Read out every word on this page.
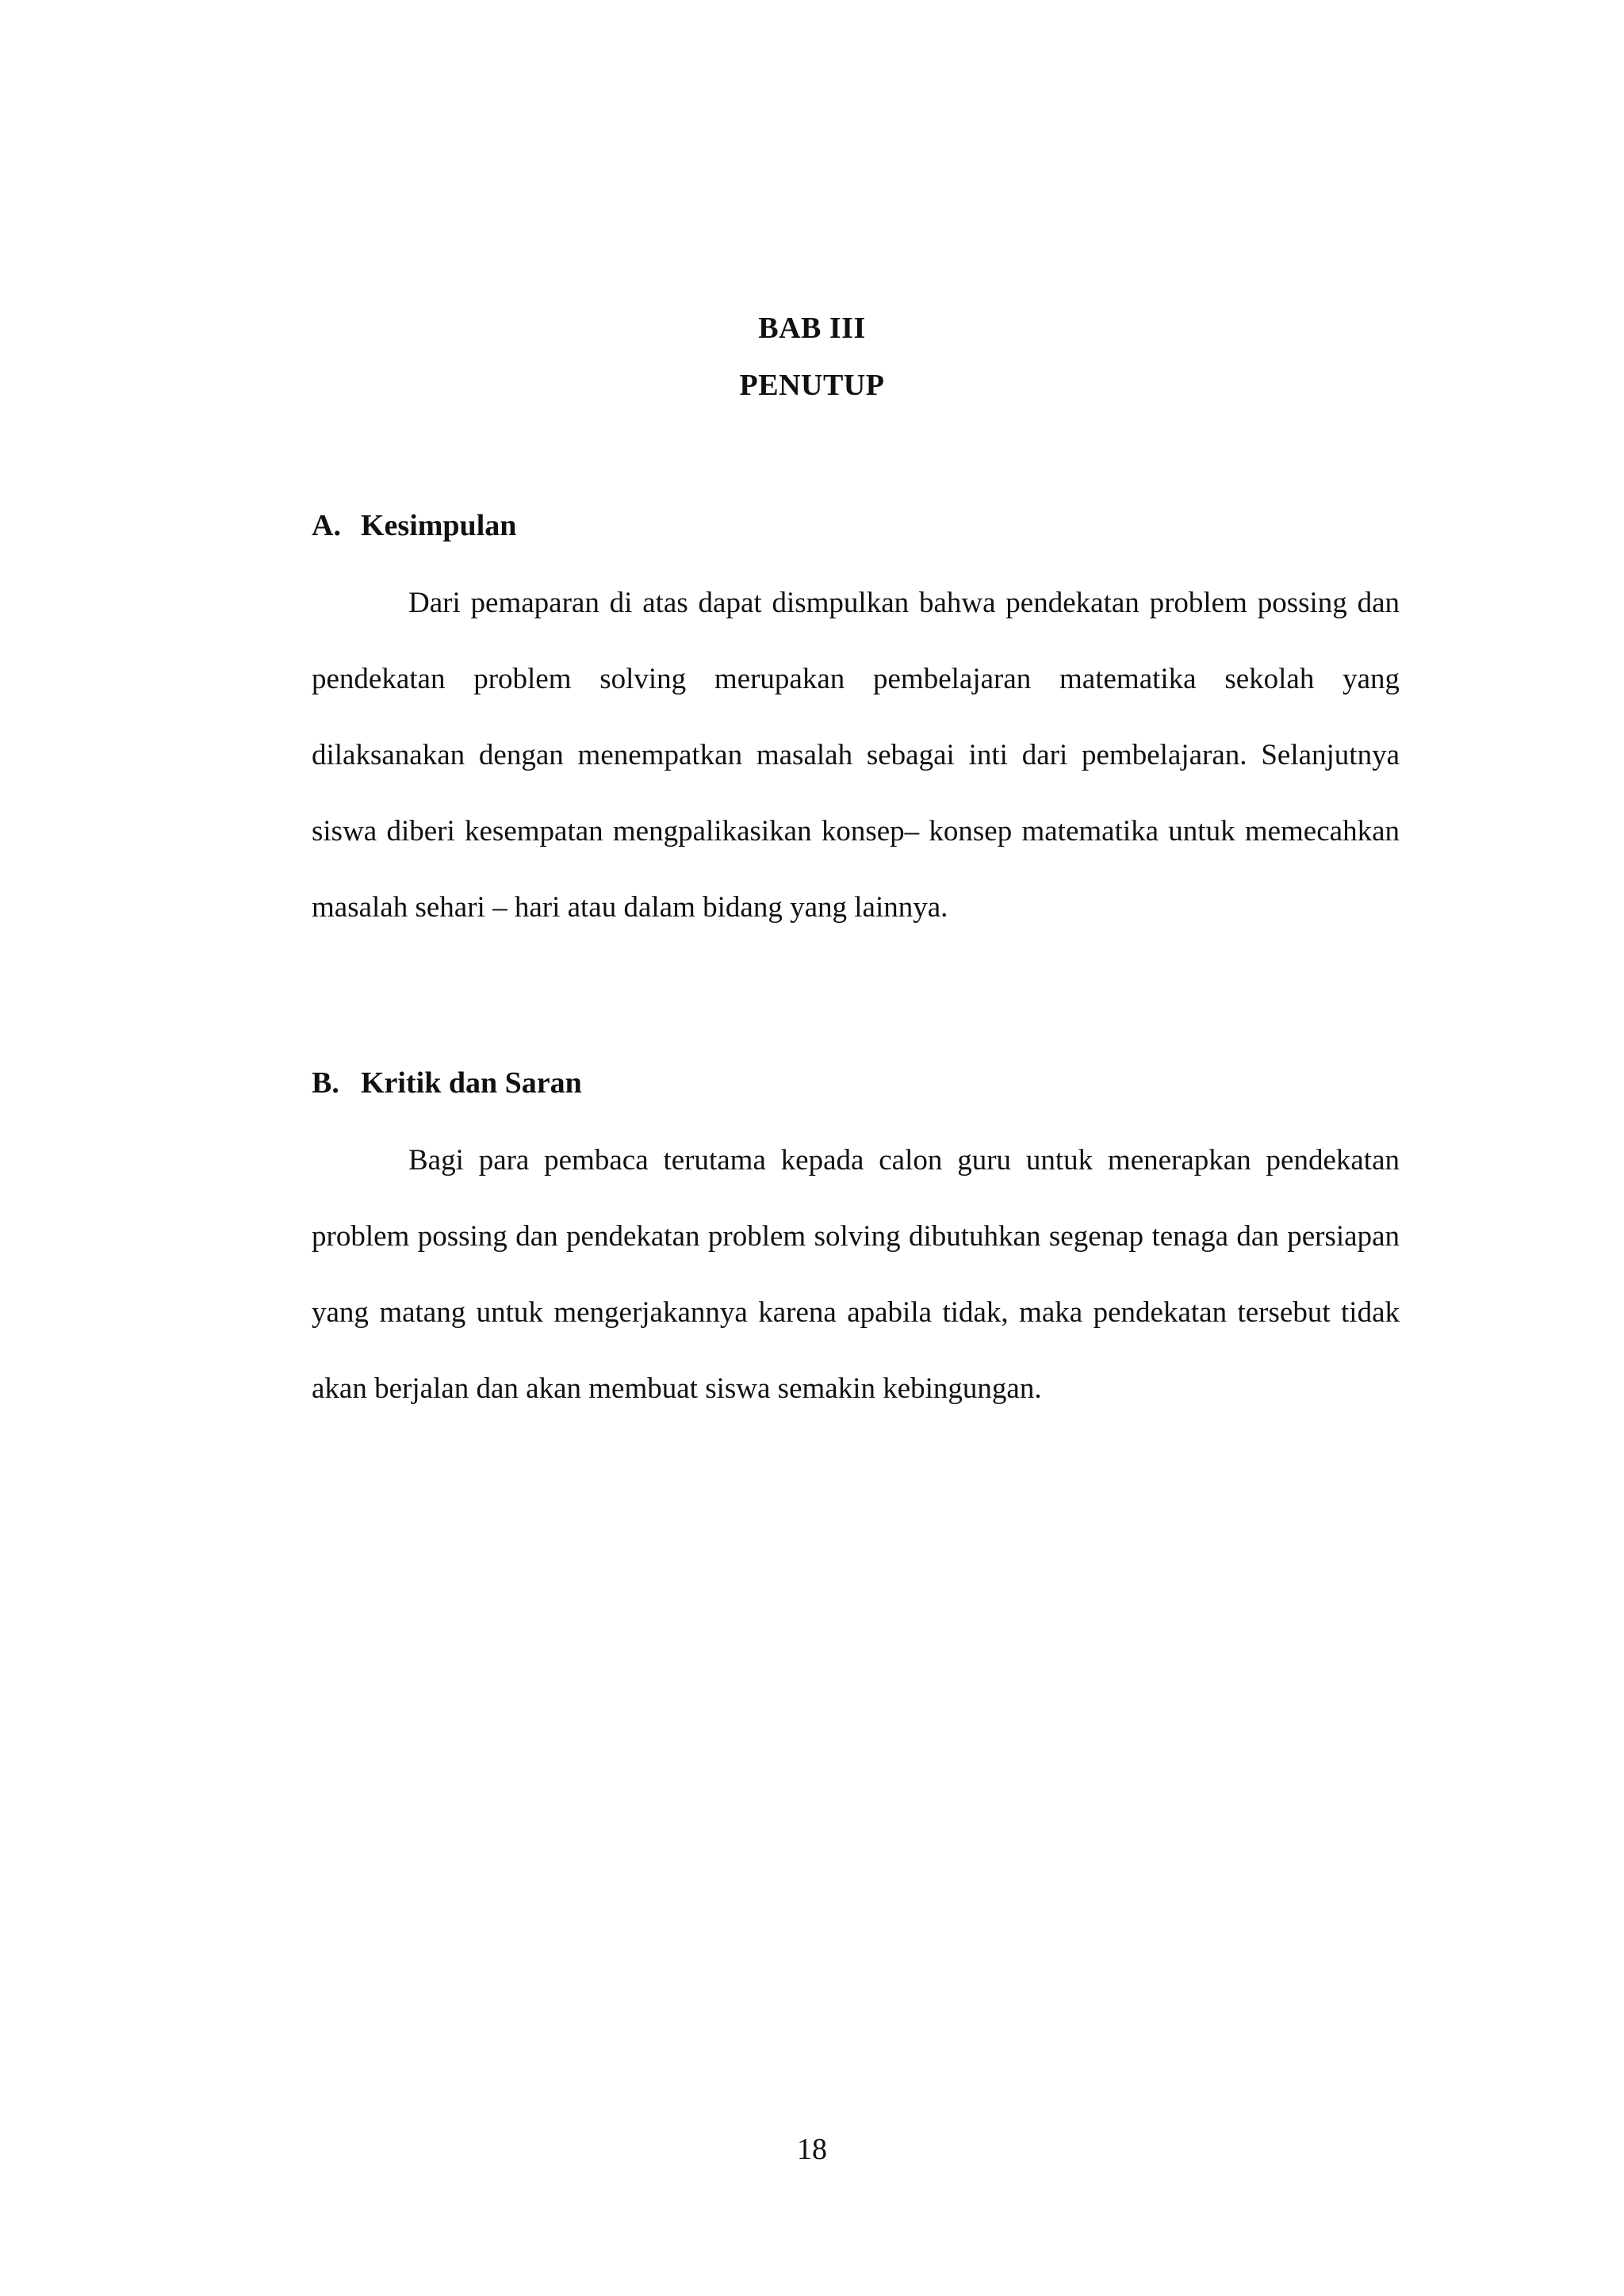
BAB III
PENUTUP
A. Kesimpulan

Dari pemaparan di atas dapat dismpulkan bahwa pendekatan problem possing dan pendekatan problem solving merupakan pembelajaran matematika sekolah yang dilaksanakan dengan menempatkan masalah sebagai inti dari pembelajaran. Selanjutnya siswa diberi kesempatan mengpalikasikan konsep– konsep matematika untuk memecahkan masalah sehari – hari atau dalam bidang yang lainnya.

B. Kritik dan Saran

Bagi para pembaca terutama kepada calon guru untuk menerapkan pendekatan problem possing dan pendekatan problem solving dibutuhkan segenap tenaga dan persiapan yang matang untuk mengerjakannya karena apabila tidak, maka pendekatan tersebut tidak akan berjalan dan akan membuat siswa semakin kebingungan.

18
